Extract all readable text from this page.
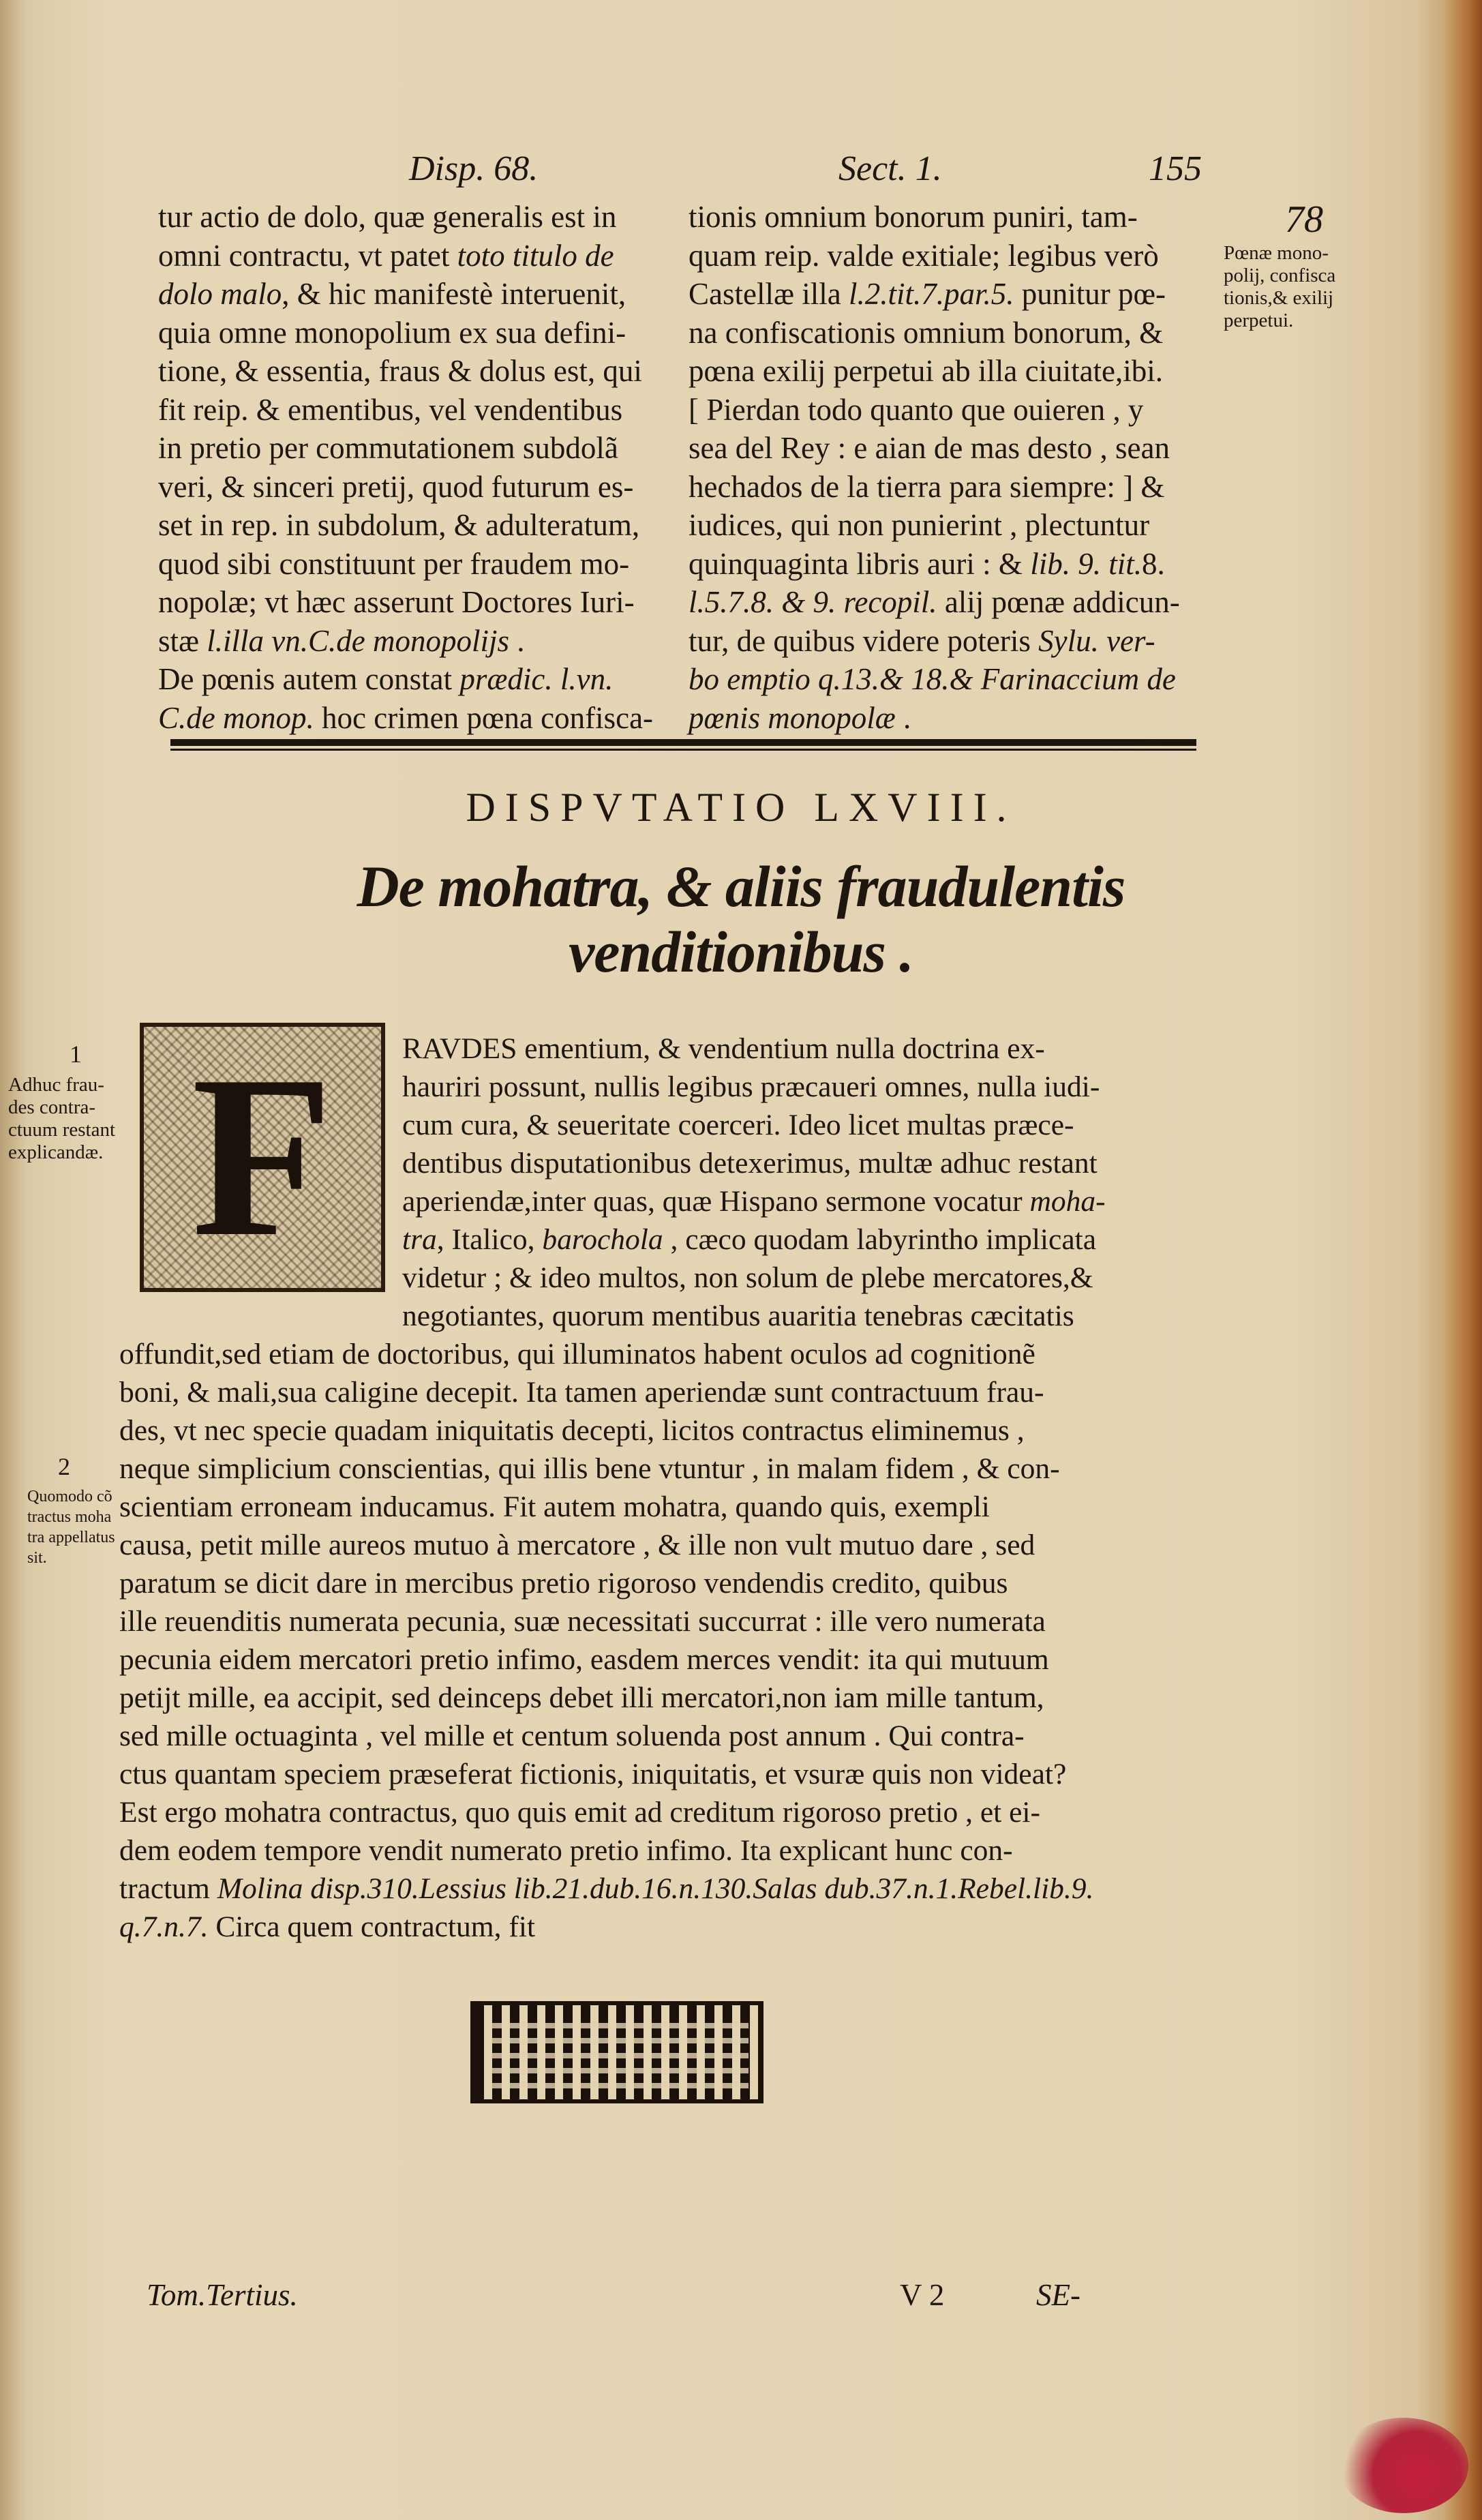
Disp. 68.	Sect. 1.	155
78
tur actio de dolo, quæ generalis est in
omni contractu, vt patet toto titulo de
dolo malo, & hic manifestè interuenit,
quia omne monopolium ex sua defini-
tione, & essentia, fraus & dolus est, qui
fit reip. & ementibus, vel vendentibus
in pretio per commutationem subdolã
veri, & sinceri pretij, quod futurum es-
set in rep. in subdolum, & adulteratum,
quod sibi constituunt per fraudem mo-
nopolæ; vt hæc asserunt Doctores Iuri-
stæ l.illa vn.C.de monopolijs .
De pœnis autem constat prædic. l.vn.
C.de monop. hoc crimen pœna confisca-
tionis omnium bonorum puniri, tam-
quam reip. valde exitiale; legibus verò
Castellæ illa l.2.tit.7.par.5. punitur pœ-
na confiscationis omnium bonorum, &
pœna exilij perpetui ab illa ciuitate,ibi.
[ Pierdan todo quanto que ouieren , y
sea del Rey : e aian de mas desto , sean
hechados de la tierra para siempre: ] &
iudices, qui non punierint , plectuntur
quinquaginta libris auri : & lib. 9. tit.8.
l.5.7.8. & 9. recopil. alij pœnæ addicun-
tur, de quibus videre poteris Sylu. ver-
bo emptio q.13.& 18.& Farinaccium de
pœnis monopolæ .
Pœnæ mono-
polij, confisca
tionis,& exilij
perpetui.
DISPVTATIO LXVIII.
De mohatra, & aliis fraudulentis
venditionibus .
F
1
Adhuc frau-
des contra-
ctuum restant
explicandæ.
RAVDES ementium, & vendentium nulla doctrina ex-
hauriri possunt, nullis legibus præcaueri omnes, nulla iudi-
cum cura, & seueritate coerceri. Ideo licet multas præce-
dentibus disputationibus detexerimus, multæ adhuc restant
aperiendæ,inter quas, quæ Hispano sermone vocatur moha-
tra, Italico, barochola , cæco quodam labyrintho implicata
videtur ; & ideo multos, non solum de plebe mercatores,&
negotiantes, quorum mentibus auaritia tenebras cæcitatis
offundit,sed etiam de doctoribus, qui illuminatos habent oculos ad cognitionẽ
boni, & mali,sua caligine decepit. Ita tamen aperiendæ sunt contractuum frau-
des, vt nec specie quadam iniquitatis decepti, licitos contractus eliminemus ,
neque simplicium conscientias, qui illis bene vtuntur , in malam fidem , & con-
scientiam erroneam inducamus. Fit autem mohatra, quando quis, exempli
causa, petit mille aureos mutuo à mercatore , & ille non vult mutuo dare , sed
paratum se dicit dare in mercibus pretio rigoroso vendendis credito, quibus
ille reuenditis numerata pecunia, suæ necessitati succurrat : ille vero numerata
pecunia eidem mercatori pretio infimo, easdem merces vendit: ita qui mutuum
petijt mille, ea accipit, sed deinceps debet illi mercatori,non iam mille tantum,
sed mille octuaginta , vel mille et centum soluenda post annum . Qui contra-
ctus quantam speciem præseferat fictionis, iniquitatis, et vsuræ quis non videat?
Est ergo mohatra contractus, quo quis emit ad creditum rigoroso pretio , et ei-
dem eodem tempore vendit numerato pretio infimo. Ita explicant hunc con-
tractum Molina disp.310.Lessius lib.21.dub.16.n.130.Salas dub.37.n.1.Rebel.lib.9.
q.7.n.7. Circa quem contractum, fit
2
Quomodo cõ
tractus moha
tra appellatus
sit.
Tom.Tertius.	V 2	SE-
